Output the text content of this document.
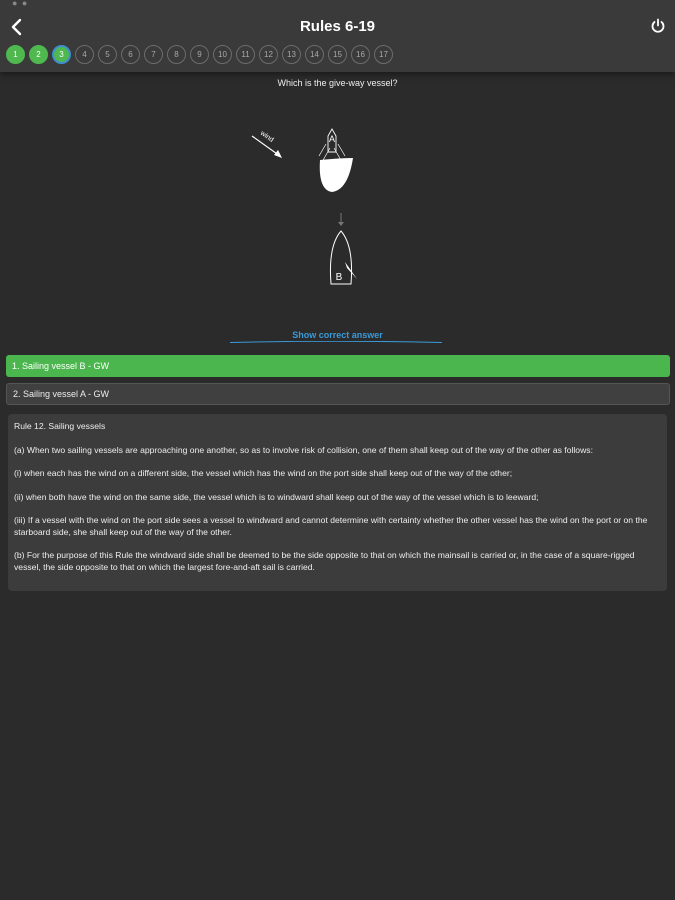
● ●
Rules 6-19
1	2	3	4	5	6	7	8	9	10	11	12	13	14	15	16	17
Which is the give-way vessel?
wind	A
B
Show correct answer
1. Sailing vessel B - GW
2. Sailing vessel A - GW

Rule 12. Sailing vessels

(a) When two sailing vessels are approaching one another, so as to involve risk of collision, one of them shall keep out of the way of the other as follows:

(i) when each has the wind on a different side, the vessel which has the wind on the port side shall keep out of the way of the other;

(ii) when both have the wind on the same side, the vessel which is to windward shall keep out of the way of the vessel which is to leeward;

(iii) If a vessel with the wind on the port side sees a vessel to windward and cannot determine with certainty whether the other vessel has the wind on the port or on the starboard side, she shall keep out of the way of the other.

(b) For the purpose of this Rule the windward side shall be deemed to be the side opposite to that on which the mainsail is carried or, in the case of a square-rigged vessel, the side opposite to that on which the largest fore-and-aft sail is carried.
